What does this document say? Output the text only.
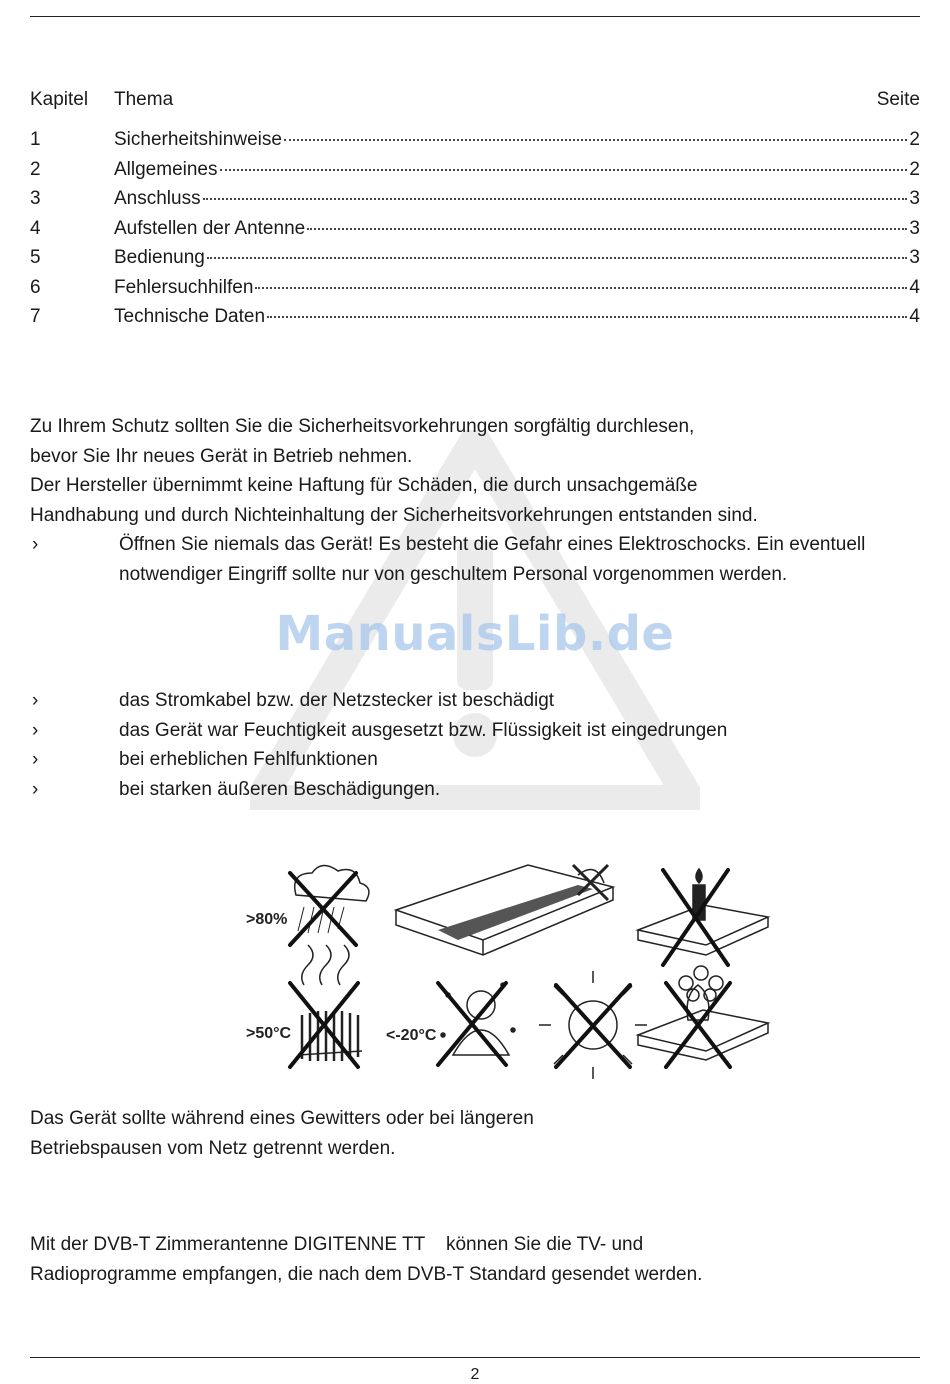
Kapitel	Thema	Seite
1	Sicherheitshinweise	2
2	Allgemeines	2
3	Anschluss	3
4	Aufstellen der Antenne	3
5	Bedienung	3
6	Fehlersuchhilfen	4
7	Technische Daten	4
ManualsLib.de

Zu Ihrem Schutz sollten Sie die Sicherheitsvorkehrungen sorgfältig durchlesen,

bevor Sie Ihr neues Gerät in Betrieb nehmen.

Der Hersteller übernimmt keine Haftung für Schäden, die durch unsachgemäße

Handhabung und durch Nichteinhaltung der Sicherheitsvorkehrungen entstanden sind.

›	Öffnen Sie niemals das Gerät! Es besteht die Gefahr eines Elektroschocks. Ein eventuell notwendiger Eingriff sollte nur von geschultem Personal vorgenommen werden.
›	das Stromkabel bzw. der Netzstecker ist beschädigt
›	das Gerät war Feuchtigkeit ausgesetzt bzw. Flüssigkeit ist eingedrungen
›	bei erheblichen Fehlfunktionen
›	bei starken äußeren Beschädigungen.
>80%
>50°C	<-20°C

Das Gerät sollte während eines Gewitters oder bei längeren

Betriebspausen vom Netz getrennt werden.

Mit der DVB-T Zimmerantenne DIGITENNE TT    können Sie die TV- und

Radioprogramme empfangen, die nach dem DVB-T Standard gesendet werden.

2
